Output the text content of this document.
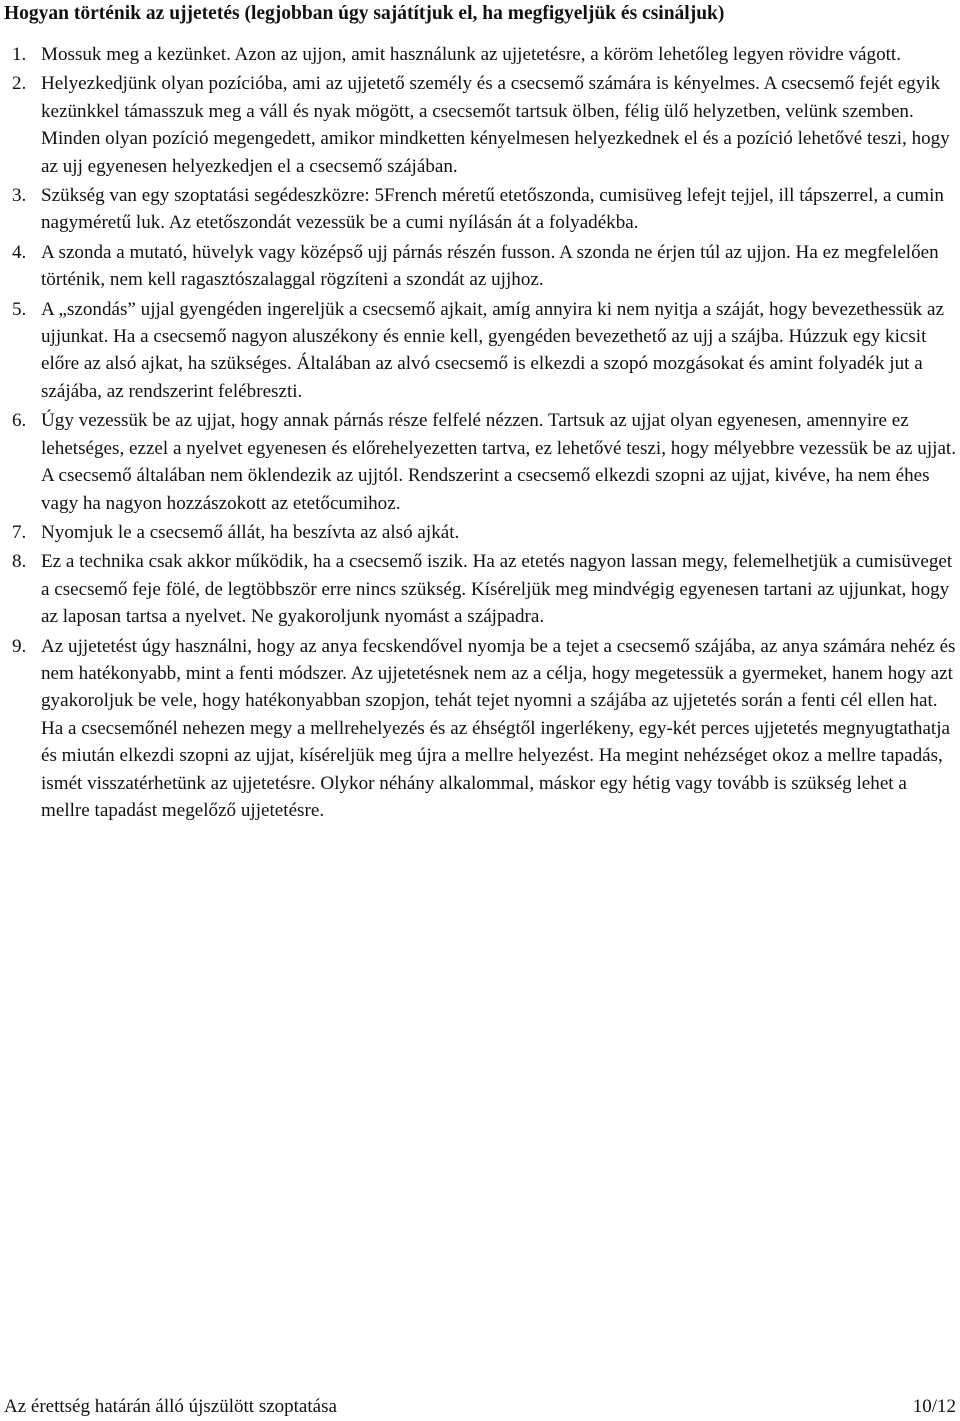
Hogyan történik az ujjetetés (legjobban úgy sajátítjuk el, ha megfigyeljük és csináljuk)
1. Mossuk meg a kezünket. Azon az ujjon, amit használunk az ujjetetésre, a köröm lehetőleg legyen rövidre vágott.
2. Helyezkedjünk olyan pozícióba, ami az ujjetető személy és a csecsemő számára is kényelmes. A csecsemő fejét egyik kezünkkel támasszuk meg a váll és nyak mögött, a csecsemőt tartsuk ölben, félig ülő helyzetben, velünk szemben. Minden olyan pozíció megengedett, amikor mindketten kényelmesen helyezkednek el és a pozíció lehetővé teszi, hogy az ujj egyenesen helyezkedjen el a csecsemő szájában.
3. Szükség van egy szoptatási segédeszközre: 5French méretű etetőszonda, cumisüveg lefejt tejjel, ill tápszerrel, a cumin nagyméretű luk. Az etetőszondát vezessük be a cumi nyílásán át a folyadékba.
4. A szonda a mutató, hüvelyk vagy középső ujj párnás részén fusson. A szonda ne érjen túl az ujjon. Ha ez megfelelően történik, nem kell ragasztószalaggal rögzíteni a szondát az ujjhoz.
5. A „szondás” ujjal gyengéden ingereljük a csecsemő ajkait, amíg annyira ki nem nyitja a száját, hogy bevezethessük az ujjunkat. Ha a csecsemő nagyon aluszékony és ennie kell, gyengéden bevezethető az ujj a szájba. Húzzuk egy kicsit előre az alsó ajkat, ha szükséges. Általában az alvó csecsemő is elkezdi a szopó mozgásokat és amint folyadék jut a szájába, az rendszerint felébreszti.
6. Úgy vezessük be az ujjat, hogy annak párnás része felfelé nézzen. Tartsuk az ujjat olyan egyenesen, amennyire ez lehetséges, ezzel a nyelvet egyenesen és előrehelyezetten tartva, ez lehetővé teszi, hogy mélyebbre vezessük be az ujjat. A csecsemő általában nem öklendezik az ujjtól. Rendszerint a csecsemő elkezdi szopni az ujjat, kivéve, ha nem éhes vagy ha nagyon hozzászokott az etetőcumihoz.
7. Nyomjuk le a csecsemő állát, ha beszívta az alsó ajkát.
8. Ez a technika csak akkor működik, ha a csecsemő iszik. Ha az etetés nagyon lassan megy, felemelhetjük a cumisüveget a csecsemő feje fölé, de legtöbbször erre nincs szükség. Kíséreljük meg mindvégig egyenesen tartani az ujjunkat, hogy az laposan tartsa a nyelvet. Ne gyakoroljunk nyomást a szájpadra.
9. Az ujjetetést úgy használni, hogy az anya fecskendővel nyomja be a tejet a csecsemő szájába, az anya számára nehéz és nem hatékonyabb, mint a fenti módszer. Az ujjetetésnek nem az a célja, hogy megetessük a gyermeket, hanem hogy azt gyakoroljuk be vele, hogy hatékonyabban szopjon, tehát tejet nyomni a szájába az ujjetetés során a fenti cél ellen hat. Ha a csecsemőnél nehezen megy a mellrehelyezés és az éhségtől ingerlékeny, egy-két perces ujjetetés megnyugtathatja és miután elkezdi szopni az ujjat, kíséreljük meg újra a mellre helyezést. Ha megint nehézséget okoz a mellre tapadás, ismét visszatérhetünk az ujjetetésre. Olykor néhány alkalommal, máskor egy hétig vagy tovább is szükség lehet a mellre tapadást megelőző ujjetetésre.
Az érettség határán álló újszülött szoptatása	10/12
